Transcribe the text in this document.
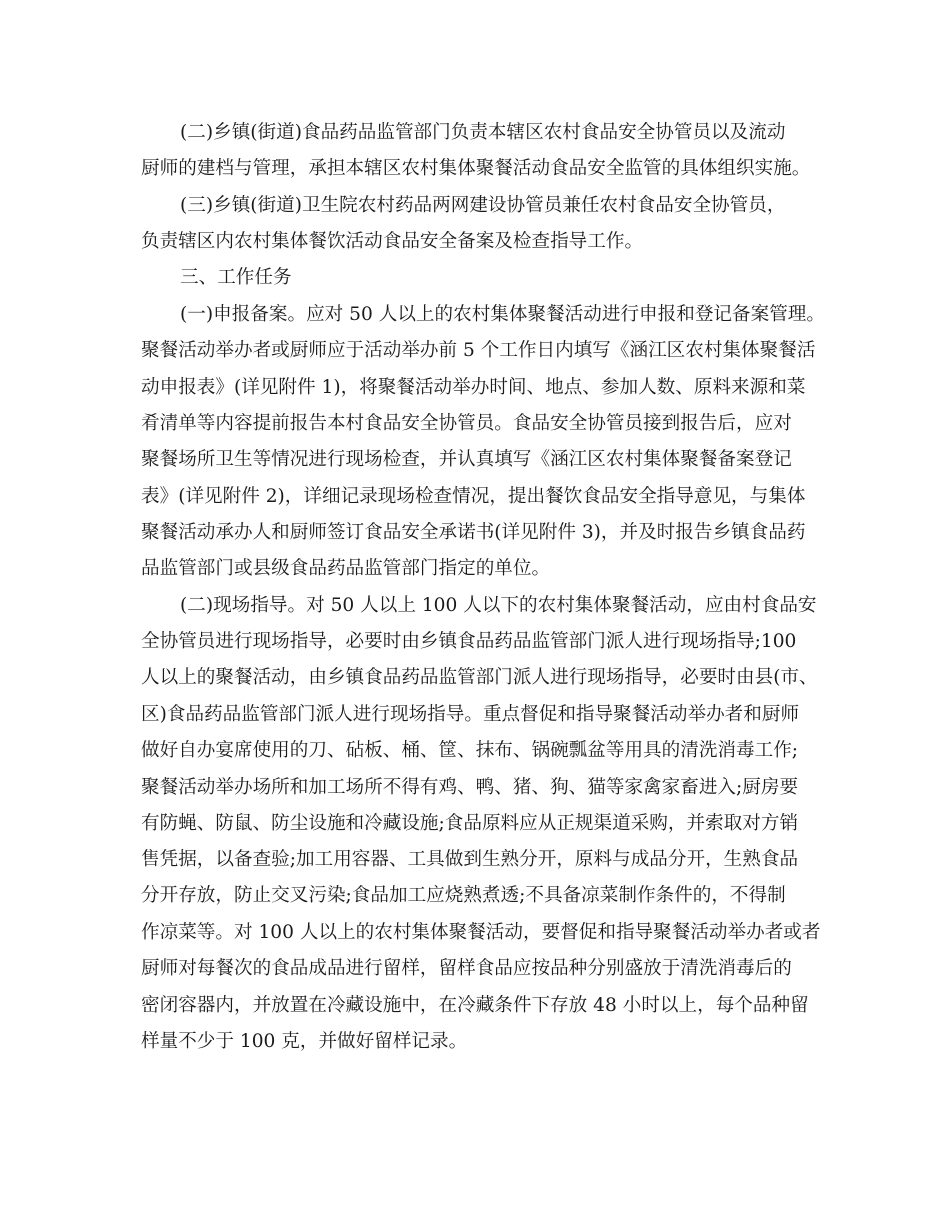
(二)乡镇(街道)食品药品监管部门负责本辖区农村食品安全协管员以及流动
厨师的建档与管理，承担本辖区农村集体聚餐活动食品安全监管的具体组织实施。
(三)乡镇(街道)卫生院农村药品两网建设协管员兼任农村食品安全协管员，
负责辖区内农村集体餐饮活动食品安全备案及检查指导工作。
三、工作任务
(一)申报备案。应对 50 人以上的农村集体聚餐活动进行申报和登记备案管理。
聚餐活动举办者或厨师应于活动举办前 5 个工作日内填写《涵江区农村集体聚餐活
动申报表》(详见附件 1)，将聚餐活动举办时间、地点、参加人数、原料来源和菜
肴清单等内容提前报告本村食品安全协管员。食品安全协管员接到报告后，应对
聚餐场所卫生等情况进行现场检查，并认真填写《涵江区农村集体聚餐备案登记
表》(详见附件 2)，详细记录现场检查情况，提出餐饮食品安全指导意见，与集体
聚餐活动承办人和厨师签订食品安全承诺书(详见附件 3)，并及时报告乡镇食品药
品监管部门或县级食品药品监管部门指定的单位。
(二)现场指导。对 50 人以上 100 人以下的农村集体聚餐活动，应由村食品安
全协管员进行现场指导，必要时由乡镇食品药品监管部门派人进行现场指导;100
人以上的聚餐活动，由乡镇食品药品监管部门派人进行现场指导，必要时由县(市、
区)食品药品监管部门派人进行现场指导。重点督促和指导聚餐活动举办者和厨师
做好自办宴席使用的刀、砧板、桶、筐、抹布、锅碗瓢盆等用具的清洗消毒工作;
聚餐活动举办场所和加工场所不得有鸡、鸭、猪、狗、猫等家禽家畜进入;厨房要
有防蝇、防鼠、防尘设施和冷藏设施;食品原料应从正规渠道采购，并索取对方销
售凭据，以备查验;加工用容器、工具做到生熟分开，原料与成品分开，生熟食品
分开存放，防止交叉污染;食品加工应烧熟煮透;不具备凉菜制作条件的，不得制
作凉菜等。对 100 人以上的农村集体聚餐活动，要督促和指导聚餐活动举办者或者
厨师对每餐次的食品成品进行留样，留样食品应按品种分别盛放于清洗消毒后的
密闭容器内，并放置在冷藏设施中，在冷藏条件下存放 48 小时以上，每个品种留
样量不少于 100 克，并做好留样记录。
